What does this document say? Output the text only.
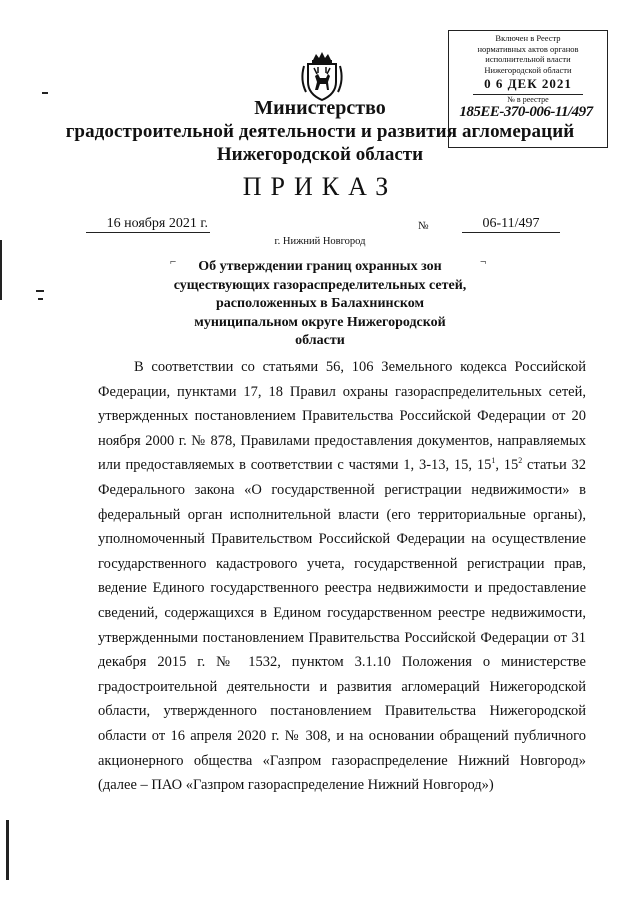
Включен в Реестр
нормативных актов органов
исполнительной власти
Нижегородской области
0 6 ДЕК 2021
№ в реестре
185ЕЕ-370-006-11/497
Министерство
градостроительной деятельности и развития агломераций
Нижегородской области
ПРИКАЗ
16 ноября 2021 г.	№	06-11/497
г. Нижний Новгород
⌐	¬
Об утверждении границ охранных зон
существующих газораспределительных сетей,
расположенных в Балахнинском
муниципальном округе Нижегородской
области

В соответствии со статьями 56, 106 Земельного кодекса Российской Федерации, пунктами 17, 18 Правил охраны газораспределительных сетей, утвержденных постановлением Правительства Российской Федерации от 20 ноября 2000 г. № 878, Правилами предоставления документов, направляемых или предоставляемых в соответствии с частями 1, 3-13, 15, $15^1$, $15^2$ статьи 32 Федерального закона «О государственной регистрации недвижимости» в федеральный орган исполнительной власти (его территориальные органы), уполномоченный Правительством Российской Федерации на осуществление государственного кадастрового учета, государственной регистрации прав, ведение Единого государственного реестра недвижимости и предоставление сведений, содержащихся в Едином государственном реестре недвижимости, утвержденными постановлением Правительства Российской Федерации от 31 декабря 2015 г. № 1532, пунктом 3.1.10 Положения о министерстве градостроительной деятельности и развития агломераций Нижегородской области, утвержденного постановлением Правительства Нижегородской области от 16 апреля 2020 г. № 308, и на основании обращений публичного акционерного общества «Газпром газораспределение Нижний Новгород» (далее – ПАО «Газпром газораспределение Нижний Новгород»)
